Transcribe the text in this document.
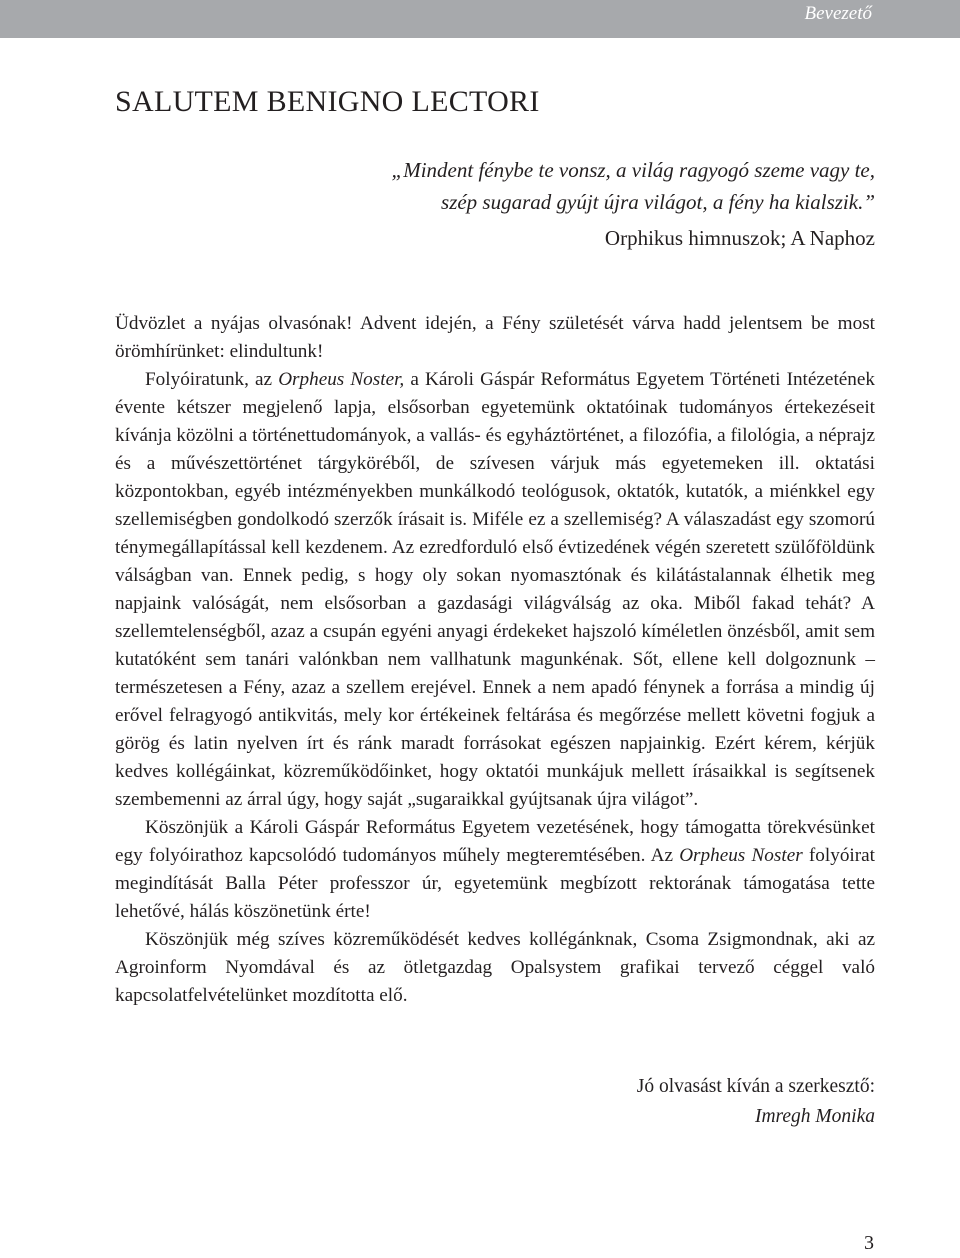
Bevezető
SALUTEM BENIGNO LECTORI
„Mindent fénybe te vonsz, a világ ragyogó szeme vagy te,
szép sugarad gyújt újra világot, a fény ha kialszik.”
Orphikus himnuszok; A Naphoz

Üdvözlet a nyájas olvasónak! Advent idején, a Fény születését várva hadd jelentsem be most örömhírünket: elindultunk!

Folyóiratunk, az Orpheus Noster, a Károli Gáspár Református Egyetem Történeti Intézetének évente kétszer megjelenő lapja, elsősorban egyetemünk oktatóinak tudományos értekezéseit kívánja közölni a történettudományok, a vallás- és egyháztörténet, a filozófia, a filológia, a néprajz és a művészettörténet tárgyköréből, de szívesen várjuk más egyetemeken ill. oktatási központokban, egyéb intézményekben munkálkodó teológusok, oktatók, kutatók, a miénkkel egy szellemiségben gondolkodó szerzők írásait is. Miféle ez a szellemiség? A válaszadást egy szomorú ténymegállapítással kell kezdenem. Az ezredforduló első évtizedének végén szeretett szülőföldünk válságban van. Ennek pedig, s hogy oly sokan nyomasztónak és kilátástalannak élhetik meg napjaink valóságát, nem elsősorban a gazdasági világválság az oka. Miből fakad tehát? A szellemtelenségből, azaz a csupán egyéni anyagi érdekeket hajszoló kíméletlen önzésből, amit sem kutatóként sem tanári valónkban nem vallhatunk magunkénak. Sőt, ellene kell dolgoznunk – természetesen a Fény, azaz a szellem erejével. Ennek a nem apadó fénynek a forrása a mindig új erővel felragyogó antikvitás, mely kor értékeinek feltárása és megőrzése mellett követni fogjuk a görög és latin nyelven írt és ránk maradt forrásokat egészen napjainkig. Ezért kérem, kérjük kedves kollégáinkat, közreműködőinket, hogy oktatói munkájuk mellett írásaikkal is segítsenek szembemenni az árral úgy, hogy saját „sugaraikkal gyújtsanak újra világot”.

Köszönjük a Károli Gáspár Református Egyetem vezetésének, hogy támogatta törekvésünket egy folyóirathoz kapcsolódó tudományos műhely megteremtésében. Az Orpheus Noster folyóirat megindítását Balla Péter professzor úr, egyetemünk megbízott rektorának támogatása tette lehetővé, hálás köszönetünk érte!

Köszönjük még szíves közreműködését kedves kollégánknak, Csoma Zsigmondnak, aki az Agroinform Nyomdával és az ötletgazdag Opalsystem grafikai tervező céggel való kapcsolatfelvételünket mozdította elő.

Jó olvasást kíván a szerkesztő:
Imregh Monika
3
